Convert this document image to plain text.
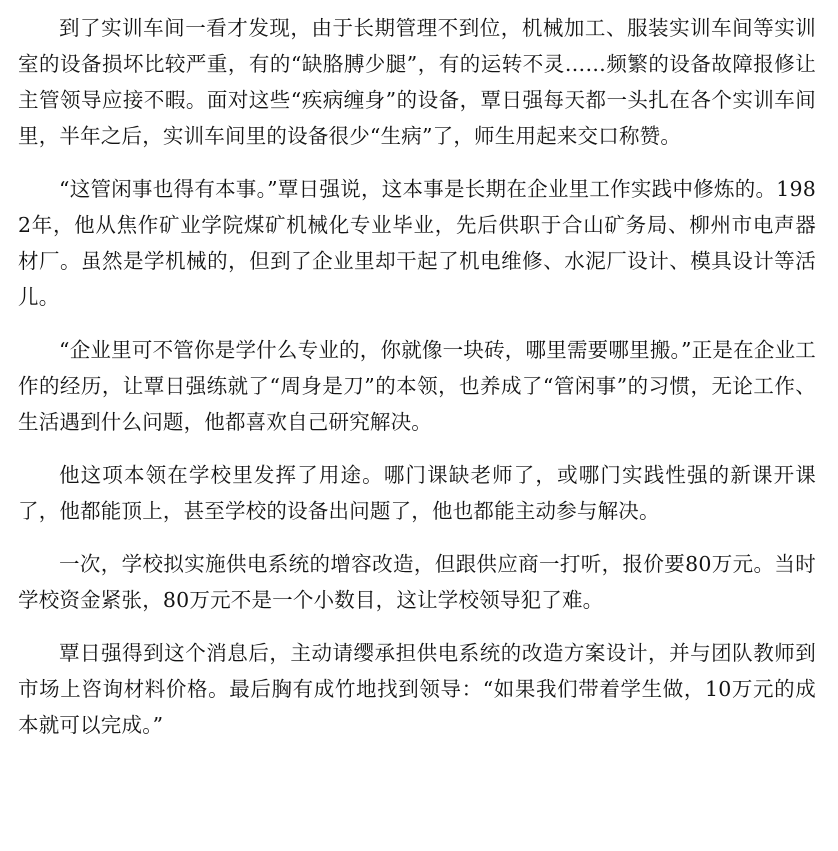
到了实训车间一看才发现，由于长期管理不到位，机械加工、服装实训车间等实训室的设备损坏比较严重，有的“缺胳膊少腿”，有的运转不灵……频繁的设备故障报修让主管领导应接不暇。面对这些“疾病缠身”的设备，覃日强每天都一头扎在各个实训车间里，半年之后，实训车间里的设备很少“生病”了，师生用起来交口称赞。

“这管闲事也得有本事。”覃日强说，这本事是长期在企业里工作实践中修炼的。1982年，他从焦作矿业学院煤矿机械化专业毕业，先后供职于合山矿务局、柳州市电声器材厂。虽然是学机械的，但到了企业里却干起了机电维修、水泥厂设计、模具设计等活儿。

“企业里可不管你是学什么专业的，你就像一块砖，哪里需要哪里搬。”正是在企业工作的经历，让覃日强练就了“周身是刀”的本领，也养成了“管闲事”的习惯，无论工作、生活遇到什么问题，他都喜欢自己研究解决。

他这项本领在学校里发挥了用途。哪门课缺老师了，或哪门实践性强的新课开课了，他都能顶上，甚至学校的设备出问题了，他也都能主动参与解决。

一次，学校拟实施供电系统的增容改造，但跟供应商一打听，报价要80万元。当时学校资金紧张，80万元不是一个小数目，这让学校领导犯了难。

覃日强得到这个消息后，主动请缨承担供电系统的改造方案设计，并与团队教师到市场上咨询材料价格。最后胸有成竹地找到领导：“如果我们带着学生做，10万元的成本就可以完成。”
